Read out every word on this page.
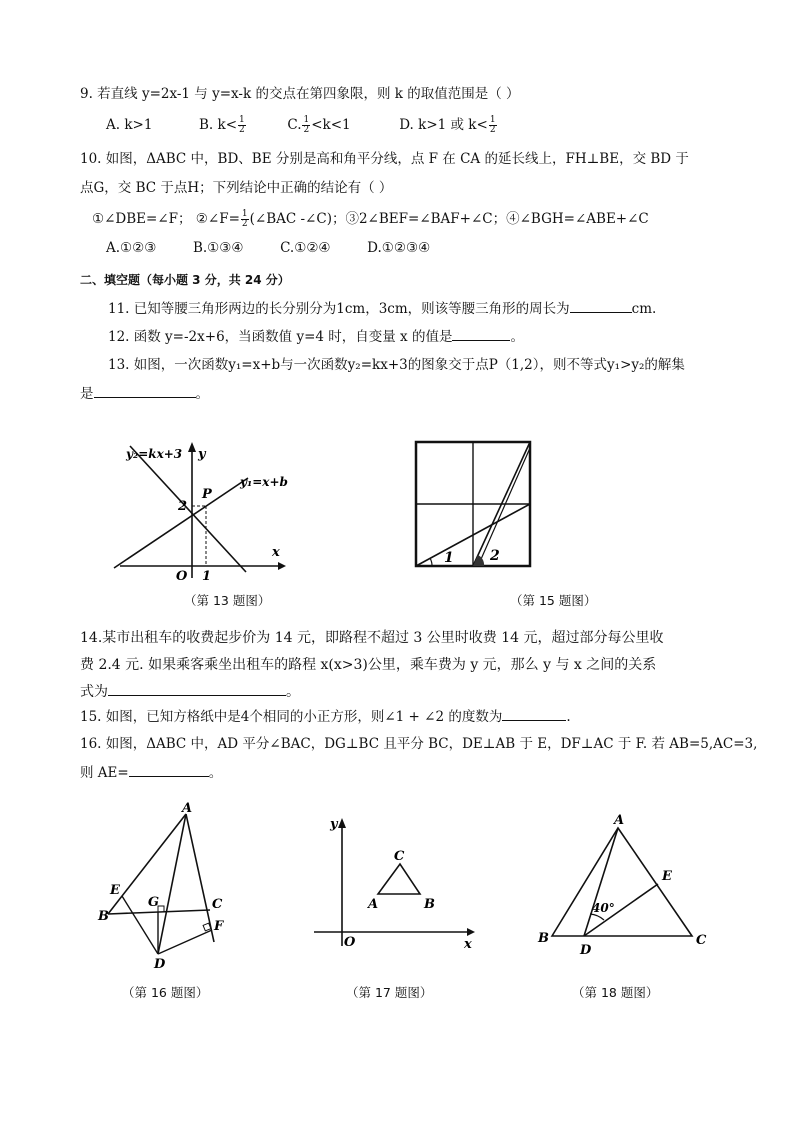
9. 若直线 y=2x-1 与 y=x-k 的交点在第四象限，则 k 的取值范围是（ ）
A. k>1	B. $k< \frac{1}{2}$	C. $\frac{1}{2} <k<1$	D. k>1 或 $k< \frac{1}{2}$
10. 如图，ΔABC 中，BD、BE 分别是高和角平分线，点 F 在 CA 的延长线上，FH⊥BE，交 BD 于
点G，交 BC 于点H；下列结论中正确的结论有（ ）
①∠DBE=∠F； ②∠F= $\frac{1}{2}$ (∠BAC -∠C)；③2∠BEF=∠BAF+∠C；④∠BGH=∠ABE+∠C
A.①②③	B.①③④	C.①②④	D.①②③④
二、填空题（每小题 3 分，共 24 分）
11. 已知等腰三角形两边的长分别分为1cm，3cm，则该等腰三角形的周长为	cm.
12. 函数 y=-2x+6，当函数值 y=4 时，自变量 x 的值是	。
13. 如图，一次函数y₁=x+b与一次函数y₂=kx+3的图象交于点P（1,2），则不等式y₁>y₂的解集
是	。
y₂=kx+3
y₁=x+b
y
x
O 1
2
P
（第 13 题图）
1	2
（第 15 题图）
14.某市出租车的收费起步价为 14 元，即路程不超过 3 公里时收费 14 元，超过部分每公里收
费 2.4 元. 如果乘客乘坐出租车的路程 x(x>3)公里，乘车费为 y 元，那么 y 与 x 之间的关系
式为	。
15. 如图，已知方格纸中是4个相同的小正方形，则∠1 + ∠2 的度数为	.
16. 如图，ΔABC 中，AD 平分∠BAC，DG⊥BC 且平分 BC，DE⊥AB 于 E，DF⊥AC 于 F. 若 AB=5,AC=3,
则 AE=	。
A
B
C
D
E
F
G
（第 16 题图）
y
x
O
A	B
C
（第 17 题图）
A
B	C
D
E
40°
（第 18 题图）
